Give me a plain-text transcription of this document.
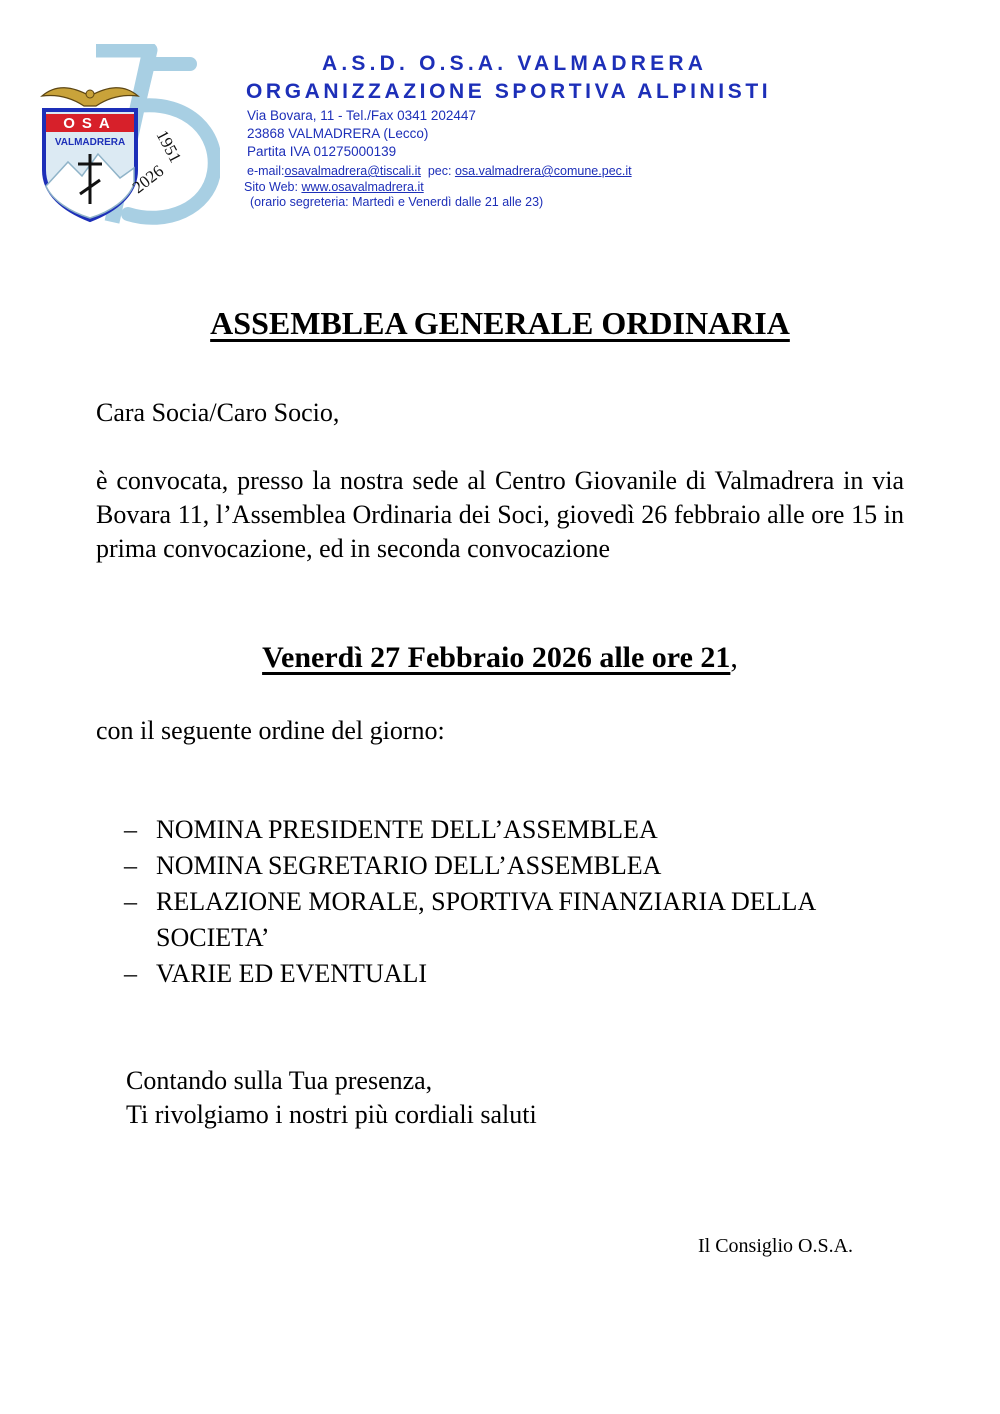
OSA
VALMADRERA 1951
2026

A.S.D. O.S.A. VALMADRERA

ORGANIZZAZIONE SPORTIVA ALPINISTI

Via Bovara, 11 - Tel./Fax 0341 202447
23868 VALMADRERA (Lecco)
Partita IVA 01275000139
e-mail:osavalmadrera@tiscali.it pec: osa.valmadrera@comune.pec.it
Sito Web: www.osavalmadrera.it
(orario segreteria: Martedì e Venerdì dalle 21 alle 23)
ASSEMBLEA GENERALE ORDINARIA
Cara Socia/Caro Socio,

è convocata, presso la nostra sede al Centro Giovanile di Valmadrera in via Bovara 11, l’Assemblea Ordinaria dei Soci, giovedì 26 febbraio alle ore 15 in prima convocazione, ed in seconda convocazione

Venerdì 27 Febbraio 2026 alle ore 21,
con il seguente ordine del giorno:
– NOMINA PRESIDENTE DELL’ASSEMBLEA
– NOMINA SEGRETARIO DELL’ASSEMBLEA
– RELAZIONE MORALE, SPORTIVA FINANZIARIA DELLA SOCIETA’
– VARIE ED EVENTUALI
Contando sulla Tua presenza,
Ti rivolgiamo i nostri più cordiali saluti
Il Consiglio O.S.A.
